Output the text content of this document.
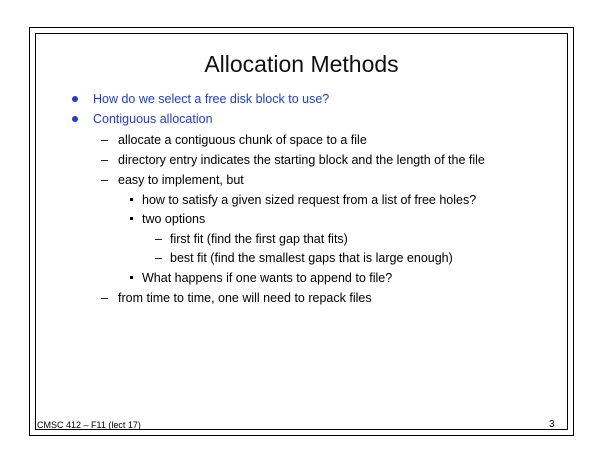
Allocation Methods
How do we select a free disk block to use?
Contiguous allocation
– allocate a contiguous chunk of space to a file
– directory entry indicates the starting block and the length of the file
– easy to implement, but
how to satisfy a given sized request from a list of free holes?
two options
– first fit (find the first gap that fits)
– best fit (find the smallest gaps that is large enough)
What happens if one wants to append to file?
– from time to time, one will need to repack files
CMSC 412 – F11 (lect 17)	3
